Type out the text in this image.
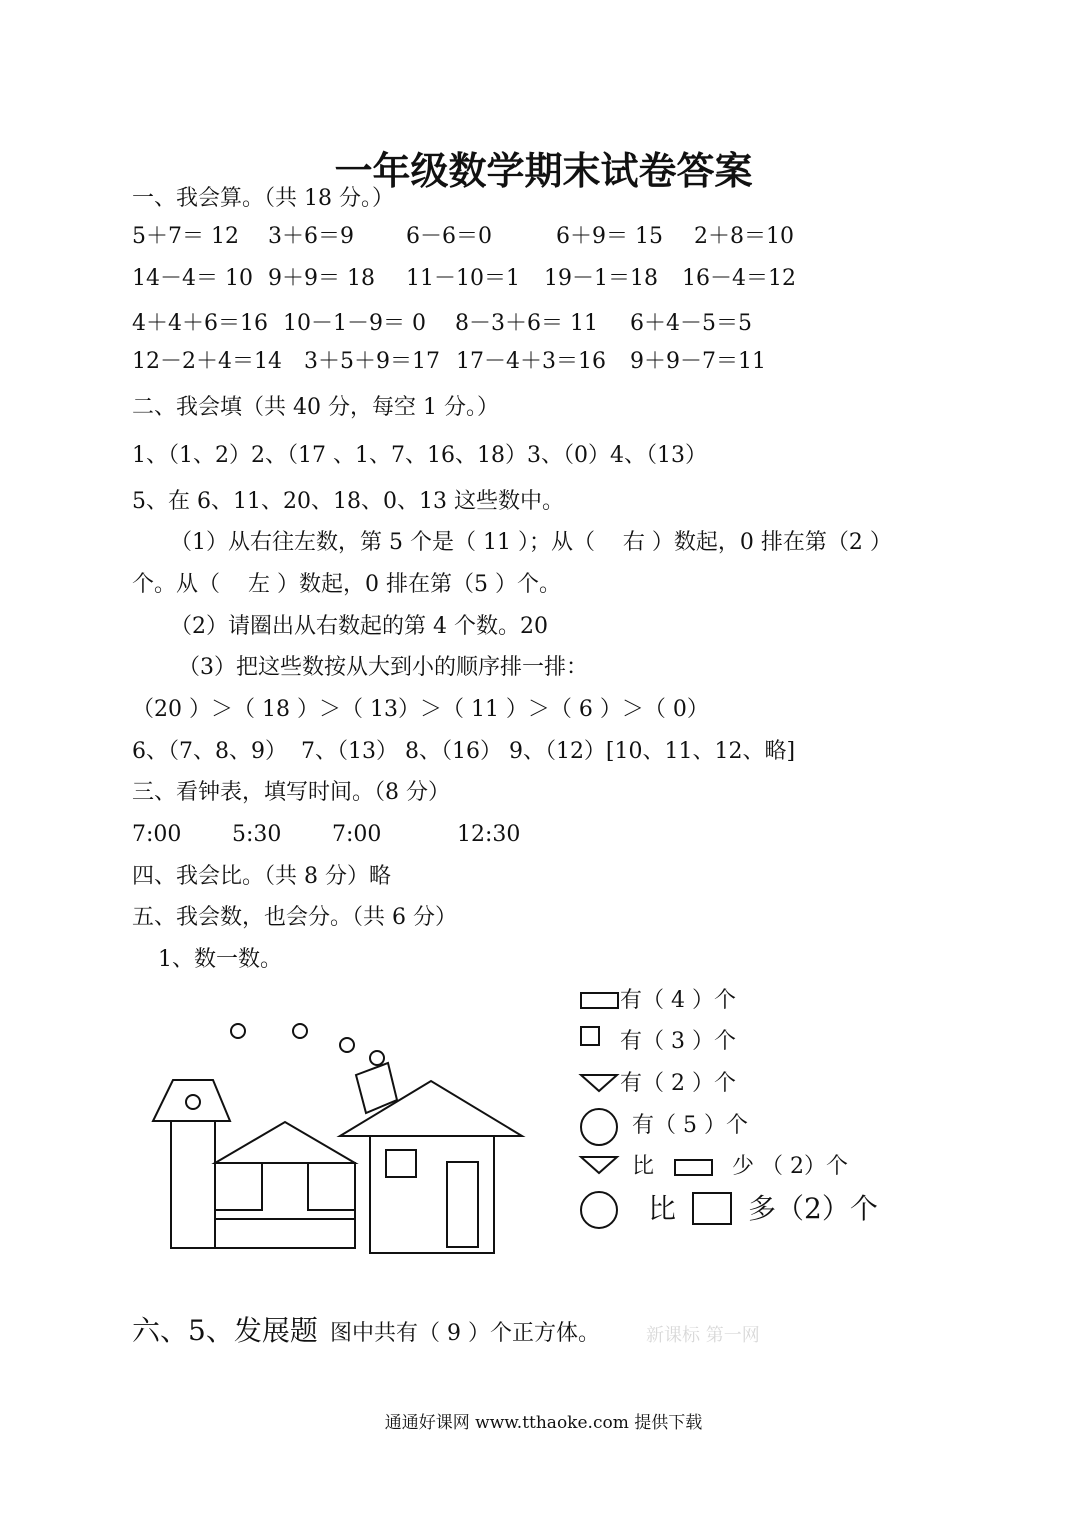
一年级数学期末试卷答案
一、我会算。（共 18 分。）
5＋7＝ 12 3＋6＝9 6－6＝0	6＋9＝ 15 2＋8＝10
14－4＝ 10 9＋9＝ 18 11－10＝1 19－1＝18 16－4＝12
4＋4＋6＝16 10－1－9＝ 0 8－3＋6＝ 11 6＋4－5＝5
12－2＋4＝14 3＋5＋9＝17 17－4＋3＝16 9＋9－7＝11
二、我会填（共 40 分，每空 1 分。）
1、（1、2）2、（17 、1、7、16、18）3、（0）4、（13）
5、在 6、11、20、18、0、13 这些数中。
（1）从右往左数，第 5 个是（ 11 ）；从（    右 ）数起，0 排在第（2 ）
个。从（    左 ）数起，0 排在第（5 ）个。
（2）请圈出从右数起的第 4 个数。20
（3）把这些数按从大到小的顺序排一排：
（20 ）＞（ 18 ）＞（ 13）＞（ 11 ）＞（ 6 ）＞（ 0）
6、（7、8、9）  7、（13） 8、（16） 9、（12）[10、11、12、略]
三、看钟表，填写时间。（8 分）
7:00 5:30 7:00	12:30
四、我会比。（共 8 分）略
五、我会数，也会分。（共 6 分）
1、数一数。
有（ 4 ）个
有（ 3 ）个
有（ 2 ）个
有（ 5 ）个
比	少 （ 2）个
比	多（2）个
六、5、发展题 图中共有（ 9 ）个正方体。	新课标 第一网
通通好课网 www.tthaoke.com 提供下载
